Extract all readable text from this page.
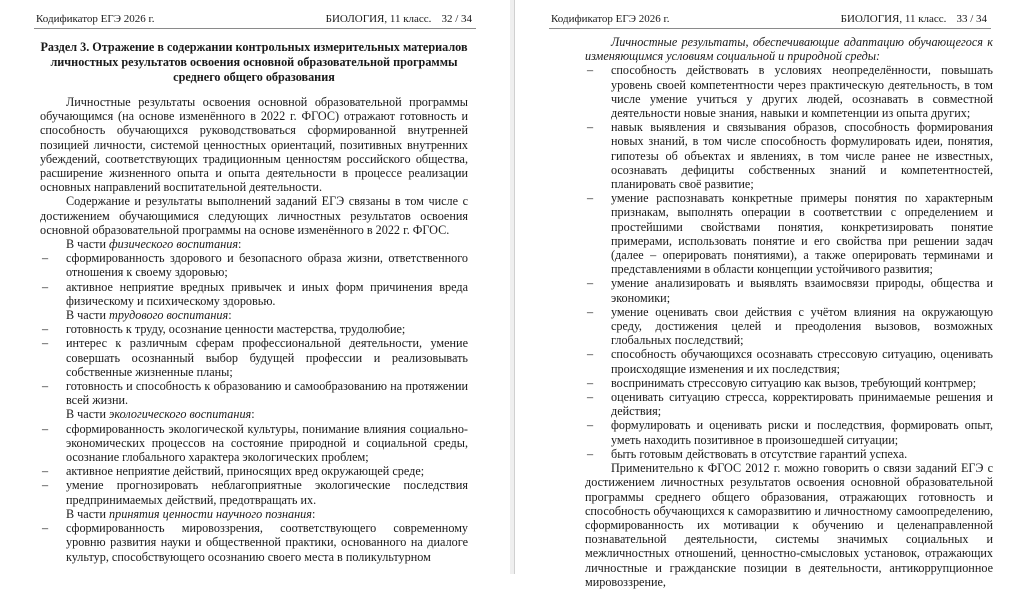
Кодификатор ЕГЭ 2026 г.	БИОЛОГИЯ, 11 класс. 32 / 34
Раздел 3. Отражение в содержании контрольных измерительных материалов личностных результатов освоения основной образовательной программы среднего общего образования

Личностные результаты освоения основной образовательной программы обучающимся (на основе изменённого в 2022 г. ФГОС) отражают готовность и способность обучающихся руководствоваться сформированной внутренней позицией личности, системой ценностных ориентаций, позитивных внутренних убеждений, соответствующих традиционным ценностям российского общества, расширение жизненного опыта и опыта деятельности в процессе реализации основных направлений воспитательной деятельности.

Содержание и результаты выполнений заданий ЕГЭ связаны в том числе с достижением обучающимися следующих личностных результатов освоения основной образовательной программы на основе изменённого в 2022 г. ФГОС.

В части физического воспитания:
– сформированность здорового и безопасного образа жизни, ответственного отношения к своему здоровью;
– активное неприятие вредных привычек и иных форм причинения вреда физическому и психическому здоровью.
В части трудового воспитания:
– готовность к труду, осознание ценности мастерства, трудолюбие;
– интерес к различным сферам профессиональной деятельности, умение совершать осознанный выбор будущей профессии и реализовывать собственные жизненные планы;
– готовность и способность к образованию и самообразованию на протяжении всей жизни.
В части экологического воспитания:
– сформированность экологической культуры, понимание влияния социально-экономических процессов на состояние природной и социальной среды, осознание глобального характера экологических проблем;
– активное неприятие действий, приносящих вред окружающей среде;
– умение прогнозировать неблагоприятные экологические последствия предпринимаемых действий, предотвращать их.
В части принятия ценности научного познания:
– сформированность мировоззрения, соответствующего современному уровню развития науки и общественной практики, основанного на диалоге культур, способствующего осознанию своего места в поликультурном
Кодификатор ЕГЭ 2026 г.	БИОЛОГИЯ, 11 класс. 33 / 34
Личностные результаты, обеспечивающие адаптацию обучающегося к изменяющимся условиям социальной и природной среды:
– способность действовать в условиях неопределённости, повышать уровень своей компетентности через практическую деятельность, в том числе умение учиться у других людей, осознавать в совместной деятельности новые знания, навыки и компетенции из опыта других;
– навык выявления и связывания образов, способность формирования новых знаний, в том числе способность формулировать идеи, понятия, гипотезы об объектах и явлениях, в том числе ранее не известных, осознавать дефициты собственных знаний и компетентностей, планировать своё развитие;
– умение распознавать конкретные примеры понятия по характерным признакам, выполнять операции в соответствии с определением и простейшими свойствами понятия, конкретизировать понятие примерами, использовать понятие и его свойства при решении задач (далее – оперировать понятиями), а также оперировать терминами и представлениями в области концепции устойчивого развития;
– умение анализировать и выявлять взаимосвязи природы, общества и экономики;
– умение оценивать свои действия с учётом влияния на окружающую среду, достижения целей и преодоления вызовов, возможных глобальных последствий;
– способность обучающихся осознавать стрессовую ситуацию, оценивать происходящие изменения и их последствия;
– воспринимать стрессовую ситуацию как вызов, требующий контрмер;
– оценивать ситуацию стресса, корректировать принимаемые решения и действия;
– формулировать и оценивать риски и последствия, формировать опыт, уметь находить позитивное в произошедшей ситуации;
– быть готовым действовать в отсутствие гарантий успеха.

Применительно к ФГОС 2012 г. можно говорить о связи заданий ЕГЭ с достижением личностных результатов освоения основной образовательной программы среднего общего образования, отражающих готовность и способность обучающихся к саморазвитию и личностному самоопределению, сформированность их мотивации к обучению и целенаправленной познавательной деятельности, системы значимых социальных и межличностных отношений, ценностно-смысловых установок, отражающих личностные и гражданские позиции в деятельности, антикоррупционное мировоззрение,
